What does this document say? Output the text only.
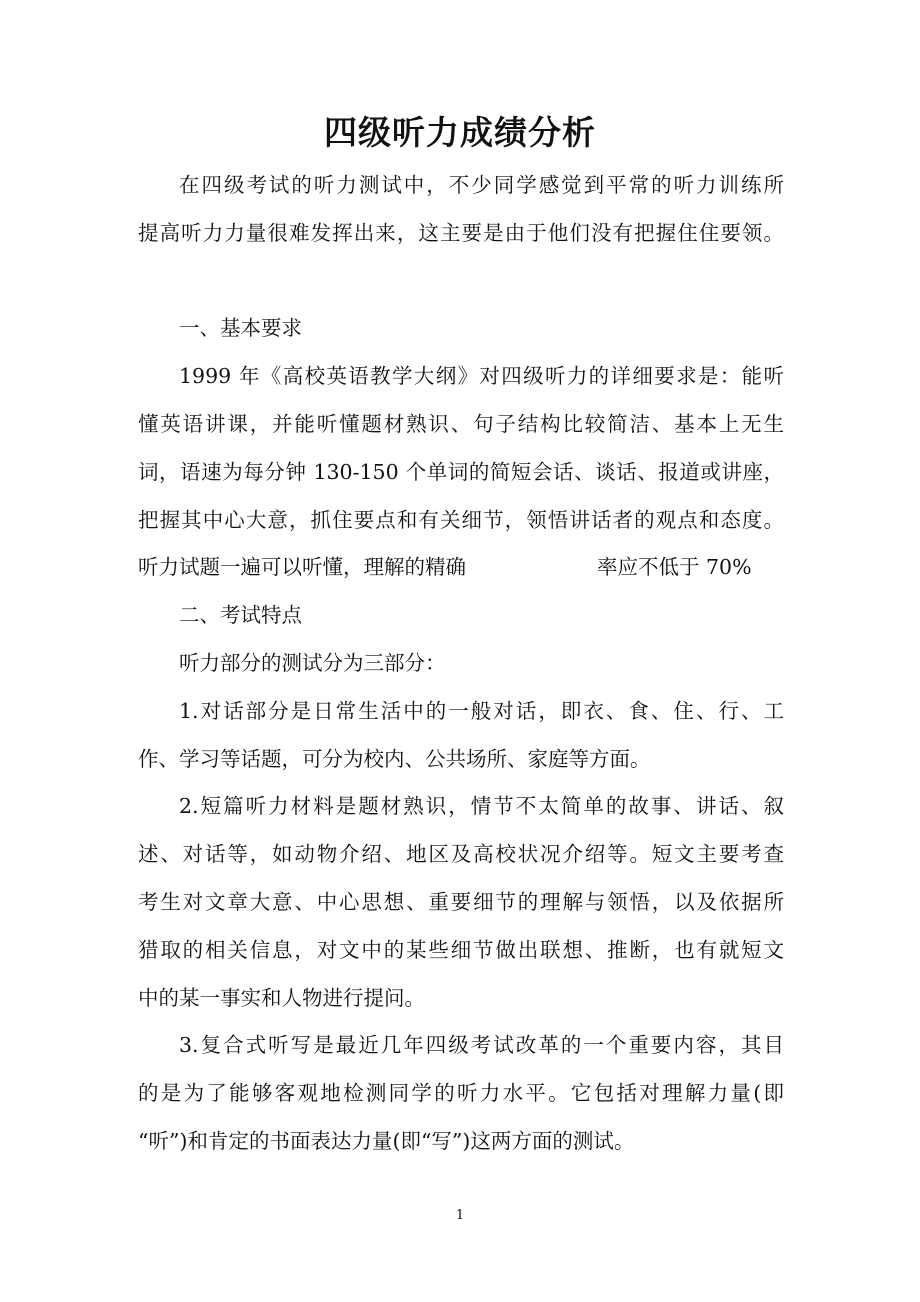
四级听力成绩分析
在四级考试的听力测试中，不少同学感觉到平常的听力训练所
提高听力力量很难发挥出来，这主要是由于他们没有把握住住要领。
一、基本要求
1999 年《高校英语教学大纲》对四级听力的详细要求是：能听
懂英语讲课，并能听懂题材熟识、句子结构比较简洁、基本上无生
词，语速为每分钟 130-150 个单词的简短会话、谈话、报道或讲座，
把握其中心大意，抓住要点和有关细节，领悟讲话者的观点和态度。
听力试题一遍可以听懂，理解的精确	率应不低于 70%
二、考试特点
听力部分的测试分为三部分：
1.对话部分是日常生活中的一般对话，即衣、食、住、行、工
作、学习等话题，可分为校内、公共场所、家庭等方面。
2.短篇听力材料是题材熟识，情节不太简单的故事、讲话、叙
述、对话等，如动物介绍、地区及高校状况介绍等。短文主要考查
考生对文章大意、中心思想、重要细节的理解与领悟，以及依据所
猎取的相关信息，对文中的某些细节做出联想、推断，也有就短文
中的某一事实和人物进行提问。
3.复合式听写是最近几年四级考试改革的一个重要内容，其目
的是为了能够客观地检测同学的听力水平。它包括对理解力量(即
“听”)和肯定的书面表达力量(即“写”)这两方面的测试。
1
